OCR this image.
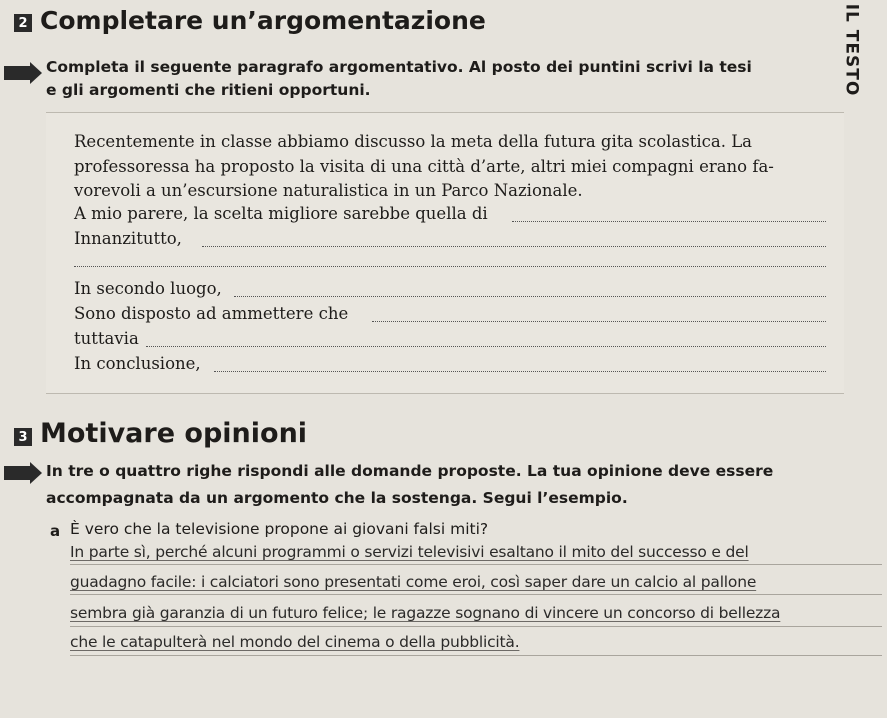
2 Completare un’argomentazione
Completa il seguente paragrafo argomentativo. Al posto dei puntini scrivi la tesi
e gli argomenti che ritieni opportuni.	IL TESTO
Recentemente in classe abbiamo discusso la meta della futura gita scolastica. La
professoressa ha proposto la visita di una città d’arte, altri miei compagni erano fa-
vorevoli a un’escursione naturalistica in un Parco Nazionale.
A mio parere, la scelta migliore sarebbe quella di
Innanzitutto,
In secondo luogo,
Sono disposto ad ammettere che
tuttavia
In conclusione,
3 Motivare opinioni
In tre o quattro righe rispondi alle domande proposte. La tua opinione deve essere
accompagnata da un argomento che la sostenga. Segui l’esempio.
a È vero che la televisione propone ai giovani falsi miti?
In parte sì, perché alcuni programmi o servizi televisivi esaltano il mito del successo e del
guadagno facile: i calciatori sono presentati come eroi, così saper dare un calcio al pallone
sembra già garanzia di un futuro felice; le ragazze sognano di vincere un concorso di bellezza
che le catapulterà nel mondo del cinema o della pubblicità.
